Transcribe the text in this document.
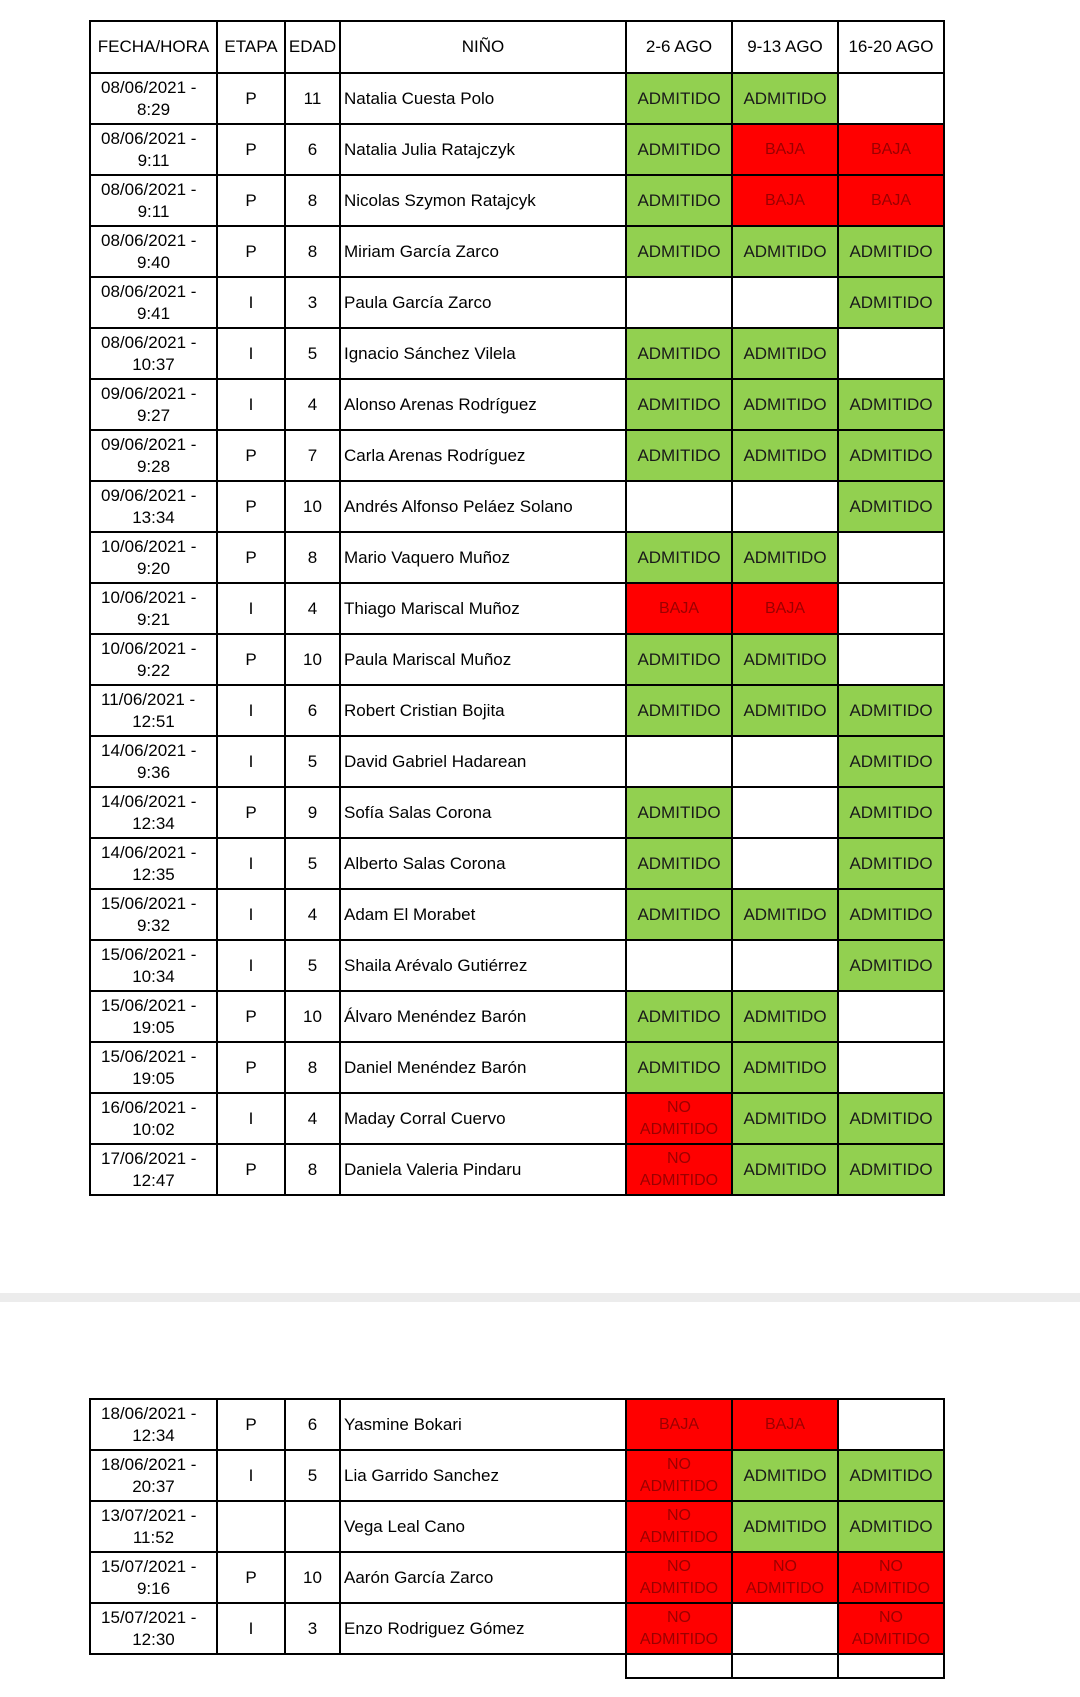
FECHA/HORA	ETAPA	EDAD	NIÑO	2-6 AGO	9-13 AGO	16-20 AGO

08/06/2021 -
8:29	P	11	Natalia Cuesta Polo	ADMITIDO	ADMITIDO	

08/06/2021 -
9:11	P	6	Natalia Julia Ratajczyk	ADMITIDO	BAJA	BAJA

08/06/2021 -
9:11	P	8	Nicolas Szymon Ratajcyk	ADMITIDO	BAJA	BAJA

08/06/2021 -
9:40	P	8	Miriam García Zarco	ADMITIDO	ADMITIDO	ADMITIDO

08/06/2021 -
9:41	I	3	Paula García Zarco			ADMITIDO

08/06/2021 -
10:37	I	5	Ignacio Sánchez Vilela	ADMITIDO	ADMITIDO	

09/06/2021 -
9:27	I	4	Alonso Arenas Rodríguez	ADMITIDO	ADMITIDO	ADMITIDO

09/06/2021 -
9:28	P	7	Carla Arenas Rodríguez	ADMITIDO	ADMITIDO	ADMITIDO

09/06/2021 -
13:34	P	10	Andrés Alfonso Peláez Solano			ADMITIDO

10/06/2021 -
9:20	P	8	Mario Vaquero Muñoz	ADMITIDO	ADMITIDO	

10/06/2021 -
9:21	I	4	Thiago Mariscal Muñoz	BAJA	BAJA	

10/06/2021 -
9:22	P	10	Paula Mariscal Muñoz	ADMITIDO	ADMITIDO	

11/06/2021 -
12:51	I	6	Robert Cristian Bojita	ADMITIDO	ADMITIDO	ADMITIDO

14/06/2021 -
9:36	I	5	David Gabriel Hadarean			ADMITIDO

14/06/2021 -
12:34	P	9	Sofía Salas Corona	ADMITIDO		ADMITIDO

14/06/2021 -
12:35	I	5	Alberto Salas Corona	ADMITIDO		ADMITIDO

15/06/2021 -
9:32	I	4	Adam El Morabet	ADMITIDO	ADMITIDO	ADMITIDO

15/06/2021 -
10:34	I	5	Shaila Arévalo Gutiérrez			ADMITIDO

15/06/2021 -
19:05	P	10	Álvaro Menéndez Barón	ADMITIDO	ADMITIDO	

15/06/2021 -
19:05	P	8	Daniel Menéndez Barón	ADMITIDO	ADMITIDO	

16/06/2021 -
10:02	I	4	Maday Corral Cuervo	NO ADMITIDO	ADMITIDO	ADMITIDO

17/06/2021 -
12:47	P	8	Daniela Valeria Pindaru	NO ADMITIDO	ADMITIDO	ADMITIDO
18/06/2021 -
12:34	P	6	Yasmine Bokari	BAJA	BAJA	

18/06/2021 -
20:37	I	5	Lia Garrido Sanchez	NO ADMITIDO	ADMITIDO	ADMITIDO

13/07/2021 -
11:52			Vega Leal Cano	NO ADMITIDO	ADMITIDO	ADMITIDO

15/07/2021 -
9:16	P	10	Aarón García Zarco	NO ADMITIDO	NO ADMITIDO	NO ADMITIDO

15/07/2021 -
12:30	I	3	Enzo Rodriguez Gómez	NO ADMITIDO		NO ADMITIDO
